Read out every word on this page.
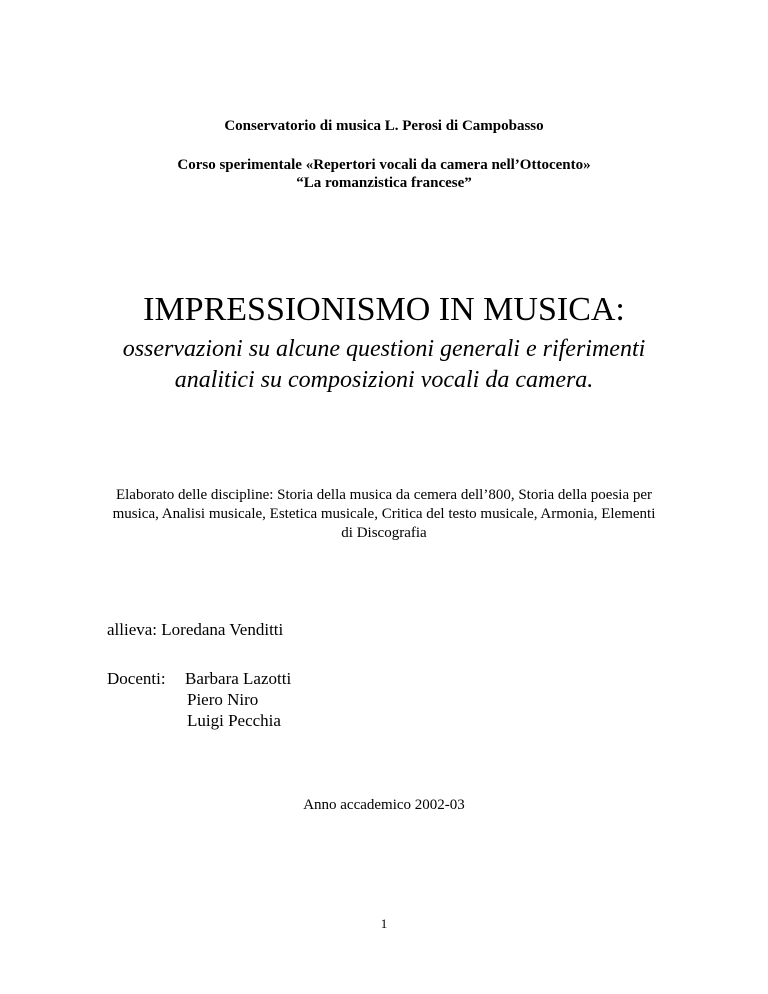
Conservatorio di musica L. Perosi di Campobasso
Corso sperimentale «Repertori vocali da camera nell’Ottocento»
“La romanzistica francese”
IMPRESSIONISMO IN MUSICA:
osservazioni su alcune questioni generali e riferimenti analitici su composizioni vocali da camera.
Elaborato delle discipline: Storia della musica da cemera dell’800, Storia della poesia per musica, Analisi musicale, Estetica musicale, Critica del testo musicale, Armonia, Elementi di Discografia
allieva: Loredana Venditti
Docenti: Barbara Lazotti
Piero Niro
Luigi Pecchia
Anno accademico 2002-03
1
